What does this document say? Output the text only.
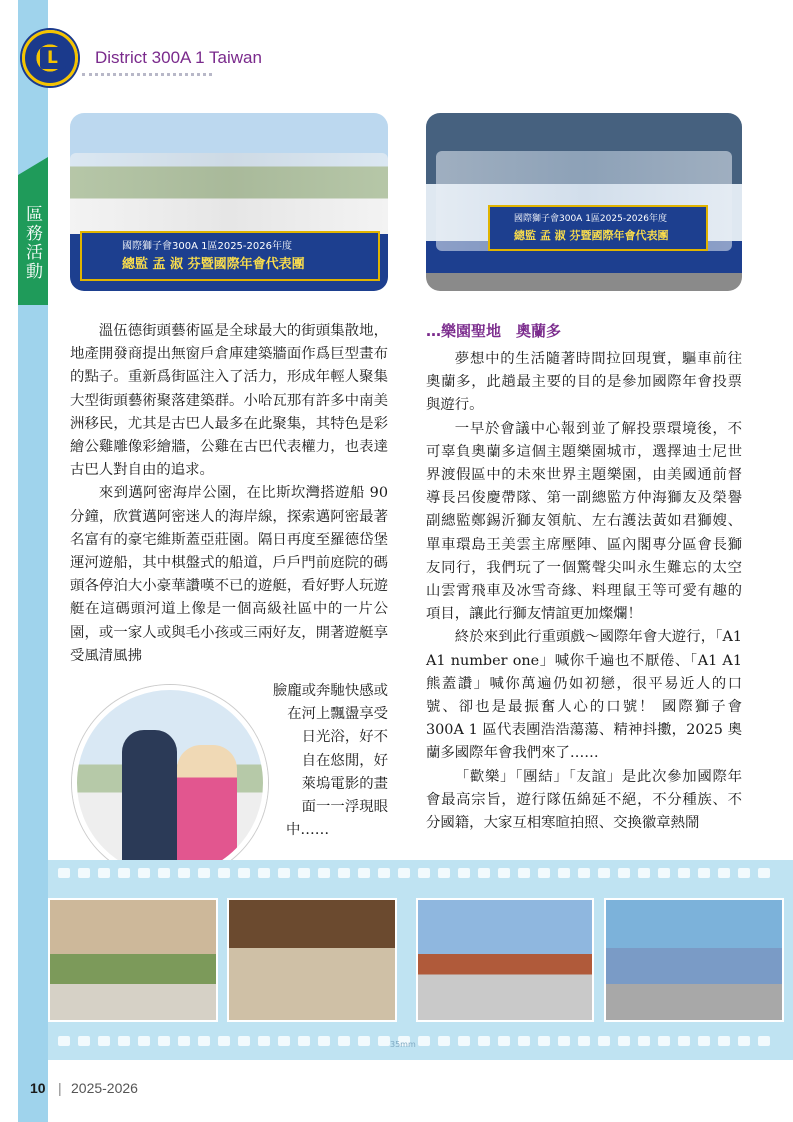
區務活動
L District 300A 1 Taiwan
國際獅子會300A 1區2025-2026年度
總監 孟 淑 芬暨國際年會代表團
國際獅子會300A 1區2025-2026年度
總監 孟 淑 芬暨國際年會代表團

溫伍德街頭藝術區是全球最大的街頭集散地，地產開發商提出無窗戶倉庫建築牆面作爲巨型畫布的點子。重新爲街區注入了活力，形成年輕人聚集大型街頭藝術聚落建築群。小哈瓦那有許多中南美洲移民，尤其是古巴人最多在此聚集，其特色是彩繪公雞雕像彩繪牆，公雞在古巴代表權力，也表達古巴人對自由的追求。

來到邁阿密海岸公園，在比斯坎灣搭遊船 90 分鐘，欣賞邁阿密迷人的海岸線，探索邁阿密最著名富有的豪宅維斯蓋亞莊園。隔日再度至羅德岱堡運河遊船，其中棋盤式的船道，戶戶門前庭院的碼頭各停泊大小豪華讚嘆不已的遊艇，看好野人玩遊艇在這碼頭河道上像是一個高級社區中的一片公園，或一家人或與毛小孩或三兩好友，開著遊艇享受風清風拂

臉龐或奔馳快感或
在河上飄盪享受
日光浴，好不
自在悠閒，好
萊塢電影的畫
面一一浮現眼
中……
…樂園聖地　奧蘭多

夢想中的生活隨著時間拉回現實，驅車前往奧蘭多，此趟最主要的目的是參加國際年會投票與遊行。

一早於會議中心報到並了解投票環境後，不可辜負奧蘭多這個主題樂園城市，選擇迪士尼世界渡假區中的未來世界主題樂園，由美國通前督導長呂俊慶帶隊、第一副總監方仲海獅友及榮譽副總監鄭錫沂獅友領航、左右護法黃如君獅嫂、單車環島王美雲主席壓陣、區內閣專分區會長獅友同行，我們玩了一個驚聲尖叫永生難忘的太空山雲霄飛車及冰雪奇緣、料理鼠王等可愛有趣的項目，讓此行獅友情誼更加燦爛！

終於來到此行重頭戲～國際年會大遊行，「A1 A1 number one」喊你千遍也不厭倦、「A1 A1 熊蓋讚」喊你萬遍仍如初戀，很平易近人的口號、卻也是最振奮人心的口號！ 國際獅子會 300A 1 區代表團浩浩蕩蕩、精神抖擻，2025 奧蘭多國際年會我們來了……

「歡樂」「團結」「友誼」是此次參加國際年會最高宗旨，遊行隊伍綿延不絕，不分種族、不分國籍，大家互相寒暄拍照、交換徽章熱鬧

35mm
10 | 2025-2026
